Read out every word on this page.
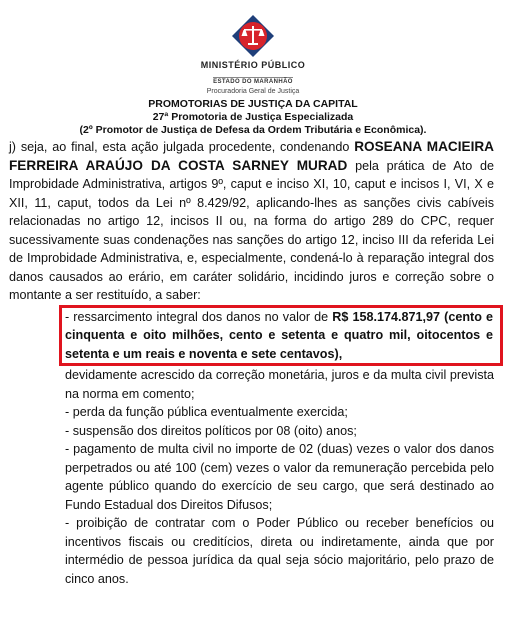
MINISTÉRIO PÚBLICO
ESTADO DO MARANHÃO
Procuradoria Geral de Justiça
PROMOTORIAS DE JUSTIÇA DA CAPITAL
27ª Promotoria de Justiça Especializada
(2º Promotor de Justiça de Defesa da Ordem Tributária e Econômica).

j) seja, ao final, esta ação julgada procedente, condenando ROSEANA MACIEIRA FERREIRA ARAÚJO DA COSTA SARNEY MURAD pela prática de Ato de Improbidade Administrativa, artigos 9º, caput e inciso XI, 10, caput e incisos I, VI, X e XII, 11, caput, todos da Lei nº 8.429/92, aplicando-lhes as sanções civis cabíveis relacionadas no artigo 12, incisos II ou, na forma do artigo 289 do CPC, requer sucessivamente suas condenações nas sanções do artigo 12, inciso III da referida Lei de Improbidade Administrativa, e, especialmente, condená-lo à reparação integral dos danos causados ao erário, em caráter solidário, incidindo juros e correção sobre o montante a ser restituído, a saber:

- ressarcimento integral dos danos no valor de R$ 158.174.871,97 (cento e cinquenta e oito milhões, cento e setenta e quatro mil, oitocentos e setenta e um reais e noventa e sete centavos),

devidamente acrescido da correção monetária, juros e da multa civil prevista na norma em comento;

- perda da função pública eventualmente exercida;

- suspensão dos direitos políticos por 08 (oito) anos;

- pagamento de multa civil no importe de 02 (duas) vezes o valor dos danos perpetrados ou até 100 (cem) vezes o valor da remuneração percebida pelo agente público quando do exercício de seu cargo, que será destinado ao Fundo Estadual dos Direitos Difusos;

- proibição de contratar com o Poder Público ou receber benefícios ou incentivos fiscais ou creditícios, direta ou indiretamente, ainda que por intermédio de pessoa jurídica da qual seja sócio majoritário, pelo prazo de cinco anos.
